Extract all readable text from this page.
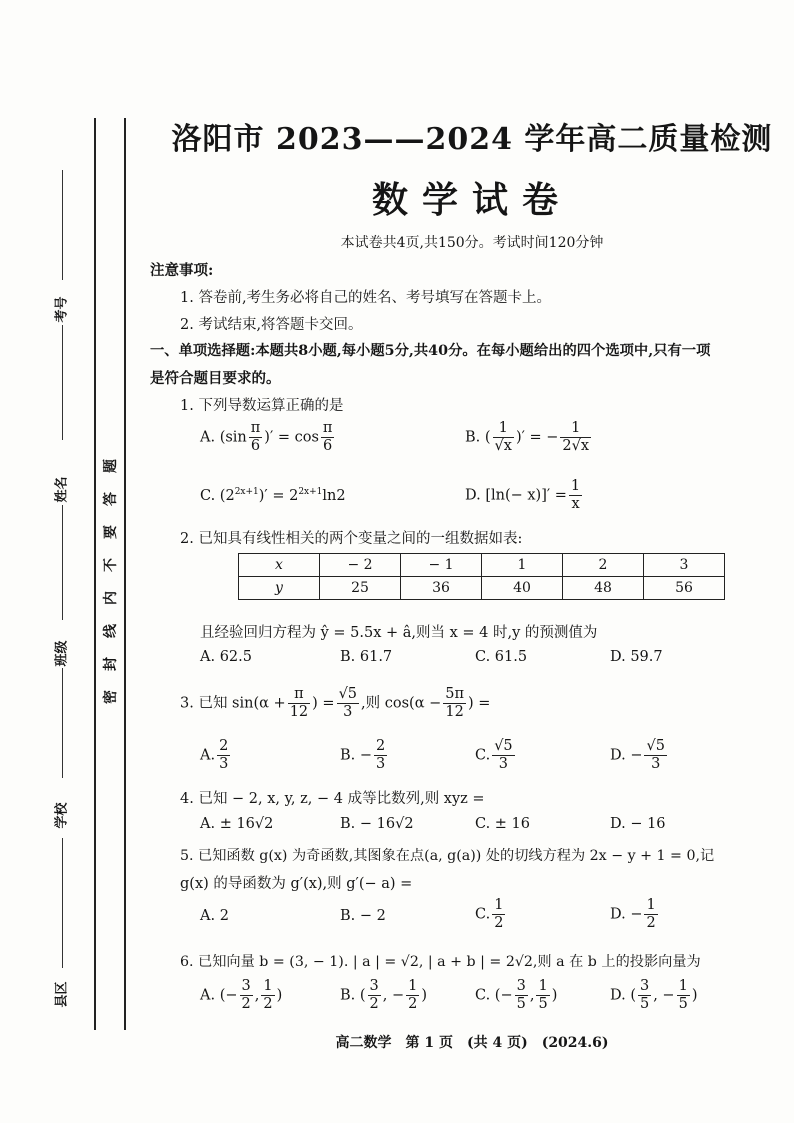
考号
姓名
班级
学校
县区
密
封
线
内
不
要
答
题
洛阳市 2023——2024 学年高二质量检测
数学试卷
本试卷共4页,共150分。考试时间120分钟
注意事项:
1. 答卷前,考生务必将自己的姓名、考号填写在答题卡上。
2. 考试结束,将答题卡交回。
一、单项选择题:本题共8小题,每小题5分,共40分。在每小题给出的四个选项中,只有一项
是符合题目要求的。
1. 下列导数运算正确的是
A. ($\sin \frac{\pi}{6}$ )′ = $\cos \frac{\pi}{6}$	B. ( $\frac{1}{√x}$ )′ = − $\frac{1}{2√x}$
C. $(2^{2x+1})' = 2^{2x+1}\ln 2$	D. $[\ln(- x)]' = \frac{1}{x}$
2. 已知具有线性相关的两个变量之间的一组数据如表:
x	− 2	− 1	1	2	3
y	25	36	40	48	56
且经验回归方程为 ŷ = 5.5x + â,则当 x = 4 时,y 的预测值为
A. 62.5	B. 61.7	C. 61.5	D. 59.7
3. 已知 $\sin(\alpha + \frac{\pi}{12}$ ) = $\frac{√5}{3}$ ,则 $\cos(\alpha - \frac{5\pi}{12}$ ) =
A. $\frac{2}{3}$	B. − $\frac{2}{3}$	C. $\frac{√5}{3}$	D. − $\frac{√5}{3}$
4. 已知 − 2, x, y, z, − 4 成等比数列,则 xyz =
A. ± 16√2	B. − 16√2	C. ± 16	D. − 16
5. 已知函数 g(x) 为奇函数,其图象在点(a, g(a)) 处的切线方程为 2x − y + 1 = 0,记
g(x) 的导函数为 g′(x),则 g′(− a) =
A. 2	B. − 2	C. $\frac{1}{2}$	D. − $\frac{1}{2}$
6. 已知向量 b = (3, − 1). | a | = √2, | a + b | = 2√2,则 a 在 b 上的投影向量为
A. (− $\frac{3}{2}$ , $\frac{1}{2}$ )	B. ( $\frac{3}{2}$ , − $\frac{1}{2}$ )	C. (− $\frac{3}{5}$ , $\frac{1}{5}$ )	D. ( $\frac{3}{5}$ , − $\frac{1}{5}$ )
高二数学　第 1 页　(共 4 页)　(2024.6)
